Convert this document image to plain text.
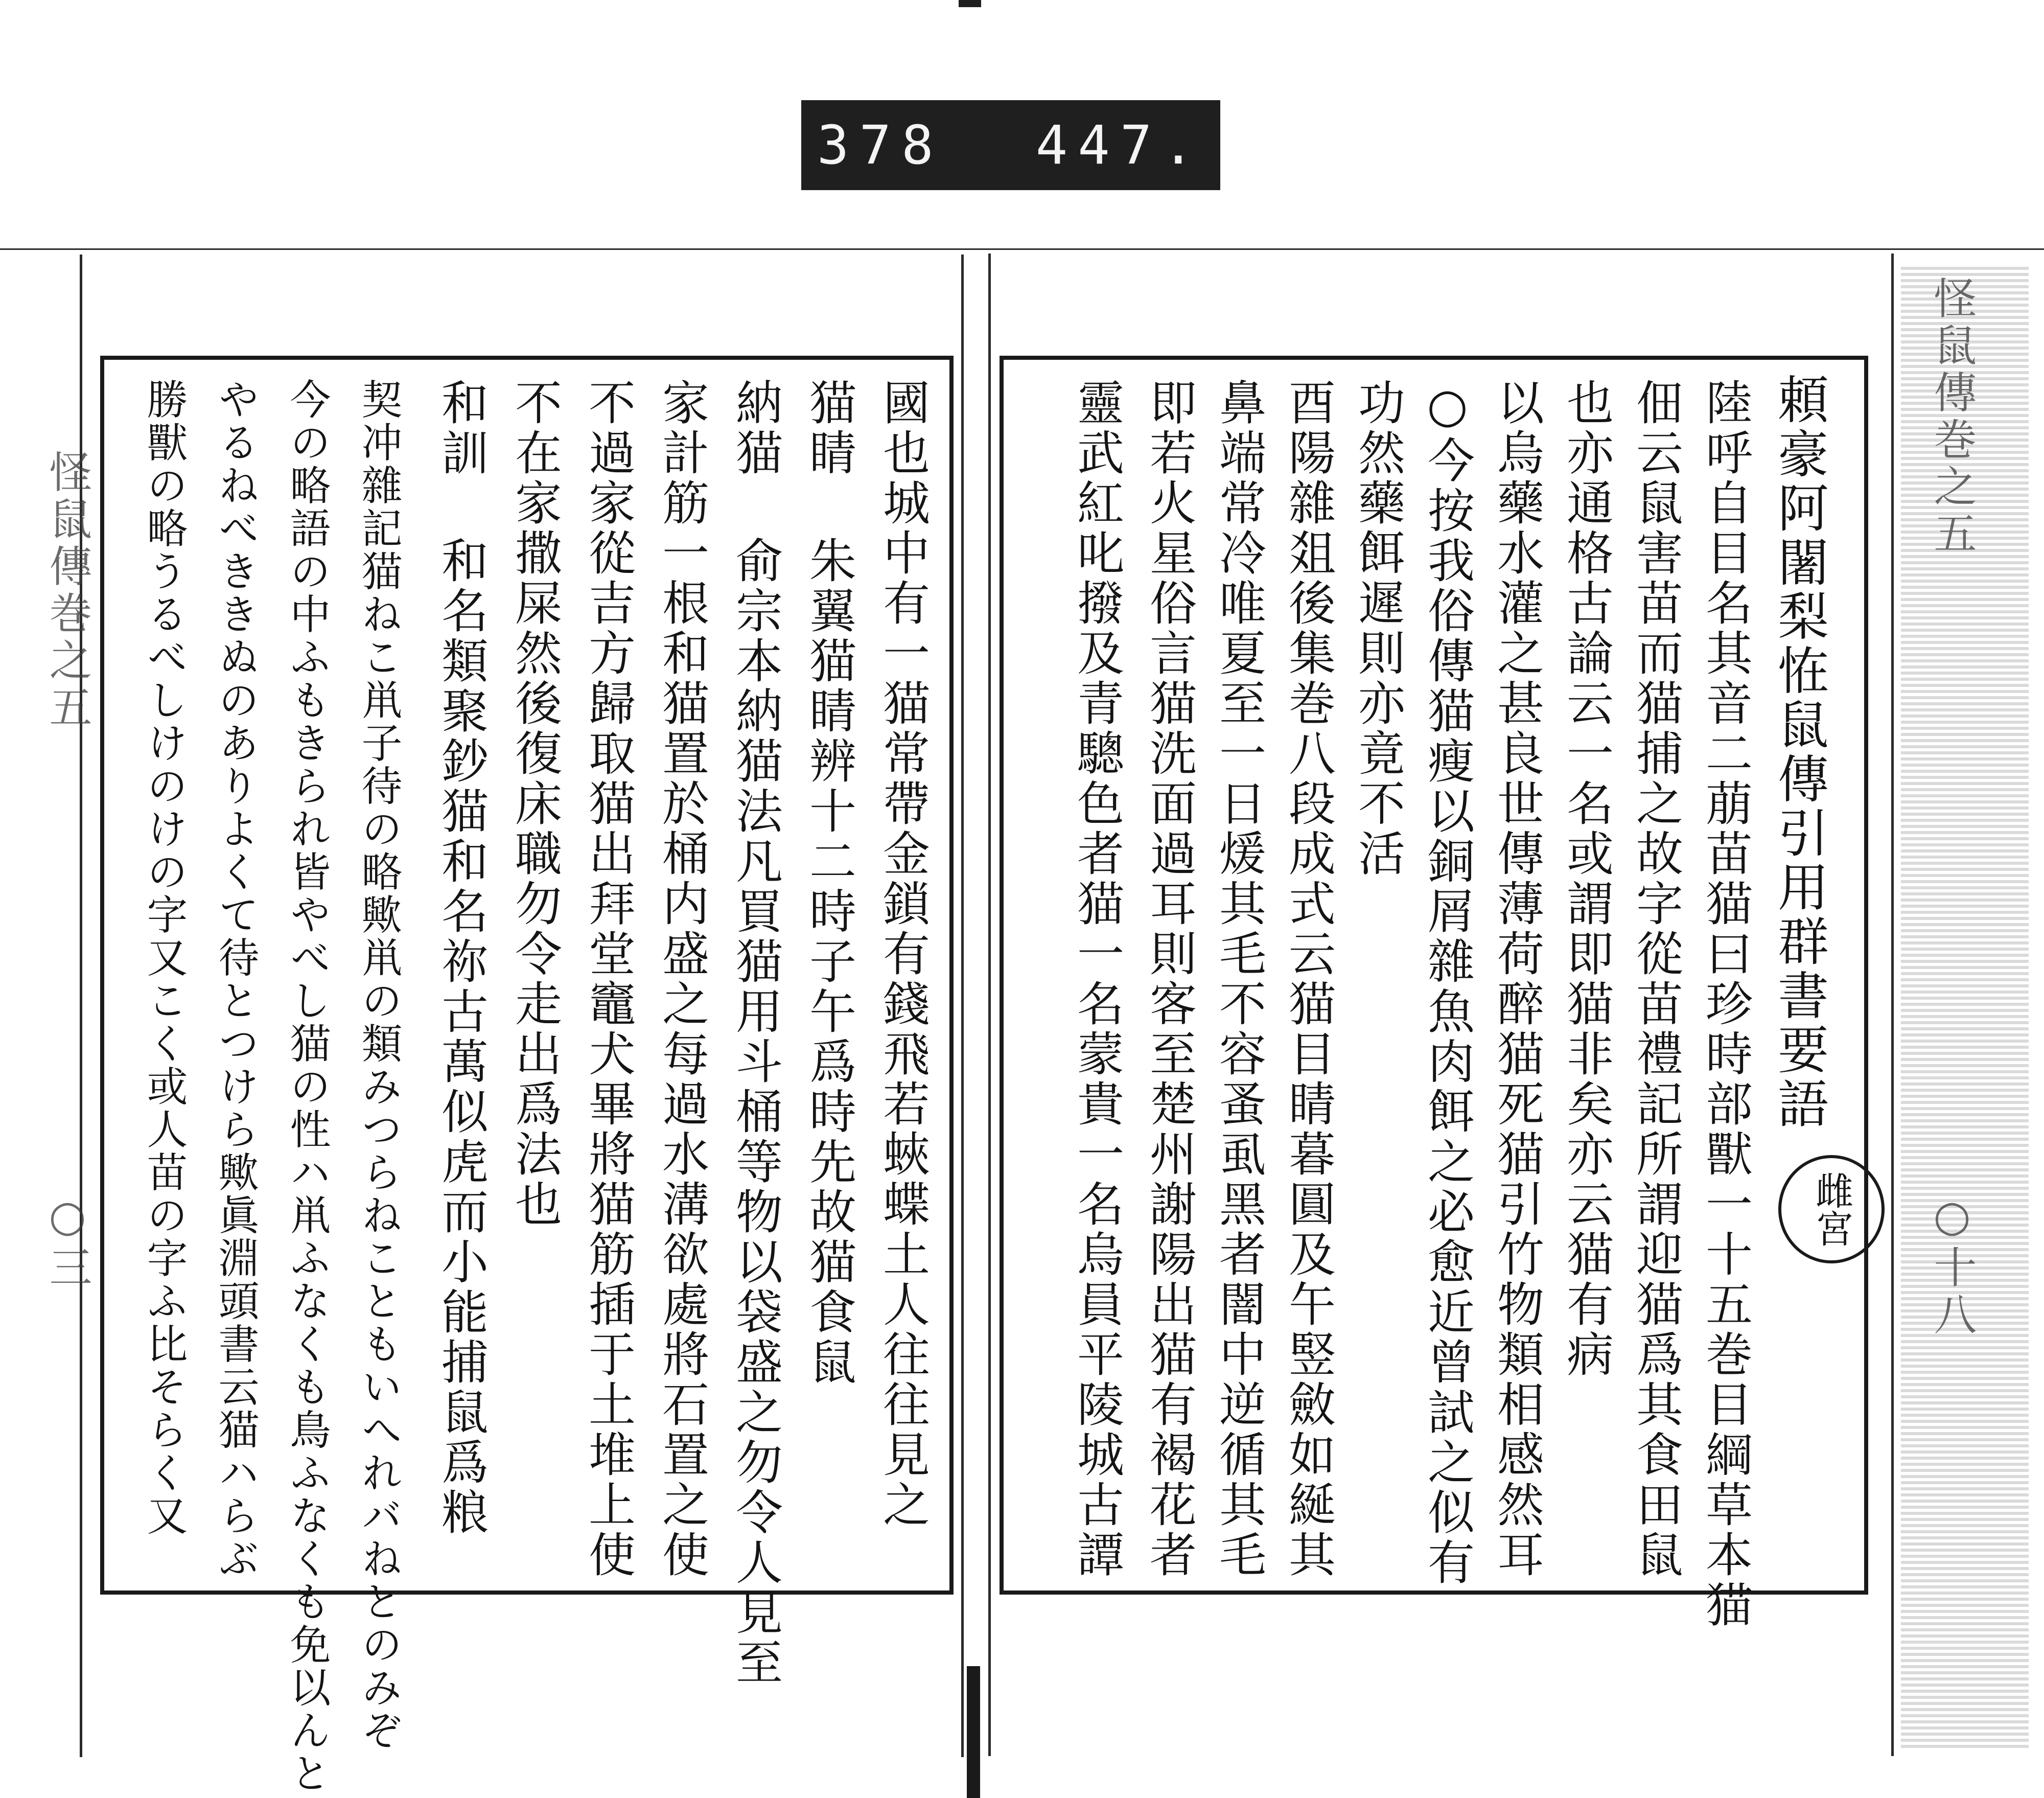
378 447.
怪鼠傳巻之五
○十八
怪鼠傳巻之五
○三
頼豪阿闍梨恠鼠傳引用群書要語
雌宮
陸呼自目名其音二萠苗猫曰珍時部獸一十五巻目綱草本猫
佃云鼠害苗而猫捕之故字從苗禮記所謂迎猫爲其食田鼠
也亦通格古論云一名或謂即猫非矣亦云猫有病
以烏藥水灌之甚良世傳薄荷醉猫死猫引竹物類相感然耳
○今按我俗傳猫瘦以銅屑雜魚肉餌之必愈近曾試之似有
功然藥餌遲則亦竟不活
酉陽雜爼後集巻八段成式云猫目睛暮圓及午竪斂如綖其
鼻端常冷唯夏至一日煖其毛不容蚤虱黑者闇中逆循其毛
即若火星俗言猫洗面過耳則客至楚州謝陽出猫有褐花者
靈武紅叱撥及青驄色者猫一名蒙貴一名烏員平陵城古譚
國也城中有一猫常帶金鎖有錢飛若蛺蝶土人往往見之
猫睛 朱翼猫睛辨十二時子午爲時先故猫食鼠
納猫 俞宗本納猫法凡買猫用斗桶等物以袋盛之勿令人見至
家計筋一根和猫置於桶内盛之每過水溝欲處將石置之使
不過家從吉方歸取猫出拜堂竈犬畢將猫筋插于土堆上使
不在家撒屎然後復床職勿令走出爲法也
和訓 和名類聚鈔猫和名祢古萬似虎而小能捕鼠爲粮
契冲雜記猫ねこ鼡子待の略歟鼡の類みつらねこともいへれバねとのみぞ
今の略語の中ふもきられ皆やべし猫の性ハ鼡ふなくも鳥ふなくも免以んと
やるねべききぬのありよくて待とつけら歟眞淵頭書云猫ハらぶ
勝獸の略うるべしけのけの字又こく或人苗の字ふ比そらく又
